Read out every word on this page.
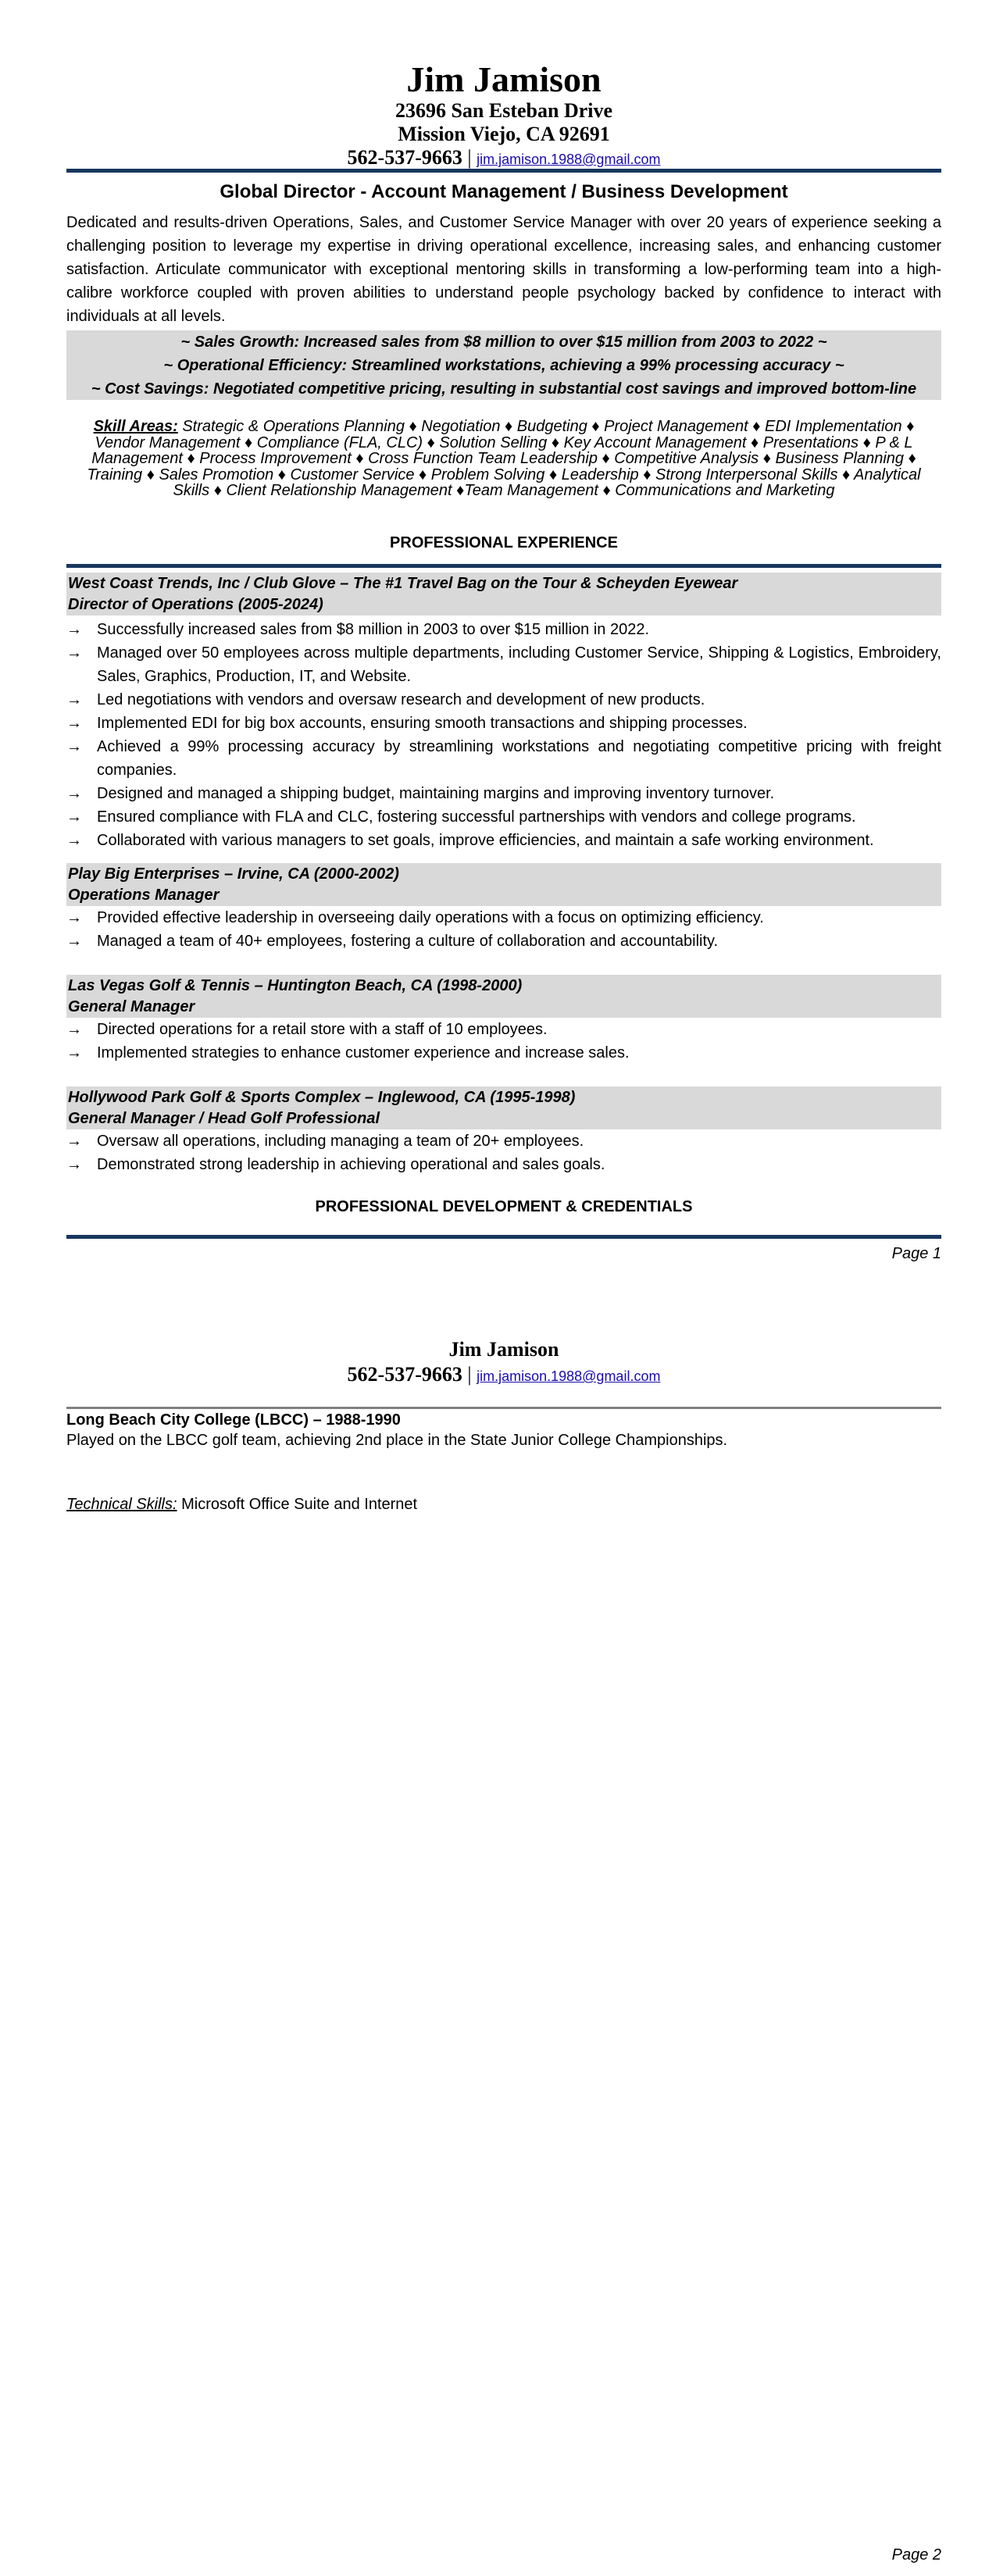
Jim Jamison
23696 San Esteban Drive
Mission Viejo, CA 92691
562-537-9663 | jim.jamison.1988@gmail.com
Global Director - Account Management / Business Development
Dedicated and results-driven Operations, Sales, and Customer Service Manager with over 20 years of experience seeking a challenging position to leverage my expertise in driving operational excellence, increasing sales, and enhancing customer satisfaction. Articulate communicator with exceptional mentoring skills in transforming a low-performing team into a high-calibre workforce coupled with proven abilities to understand people psychology backed by confidence to interact with individuals at all levels.
~ Sales Growth: Increased sales from $8 million to over $15 million from 2003 to 2022 ~
~ Operational Efficiency: Streamlined workstations, achieving a 99% processing accuracy ~
~ Cost Savings: Negotiated competitive pricing, resulting in substantial cost savings and improved bottom-line
Skill Areas: Strategic & Operations Planning ♦ Negotiation ♦ Budgeting ♦ Project Management ♦ EDI Implementation ♦ Vendor Management ♦ Compliance (FLA, CLC) ♦ Solution Selling ♦ Key Account Management ♦ Presentations ♦ P & L Management ♦ Process Improvement ♦ Cross Function Team Leadership ♦ Competitive Analysis ♦ Business Planning ♦ Training ♦ Sales Promotion ♦ Customer Service ♦ Problem Solving ♦ Leadership ♦ Strong Interpersonal Skills ♦ Analytical Skills ♦ Client Relationship Management ♦Team Management ♦ Communications and Marketing
PROFESSIONAL EXPERIENCE
West Coast Trends, Inc / Club Glove – The #1 Travel Bag on the Tour & Scheyden Eyewear
Director of Operations (2005-2024)
→ Successfully increased sales from $8 million in 2003 to over $15 million in 2022.
→ Managed over 50 employees across multiple departments, including Customer Service, Shipping & Logistics, Embroidery, Sales, Graphics, Production, IT, and Website.
→ Led negotiations with vendors and oversaw research and development of new products.
→ Implemented EDI for big box accounts, ensuring smooth transactions and shipping processes.
→ Achieved a 99% processing accuracy by streamlining workstations and negotiating competitive pricing with freight companies.
→ Designed and managed a shipping budget, maintaining margins and improving inventory turnover.
→ Ensured compliance with FLA and CLC, fostering successful partnerships with vendors and college programs.
→ Collaborated with various managers to set goals, improve efficiencies, and maintain a safe working environment.
Play Big Enterprises – Irvine, CA (2000-2002)
Operations Manager
→ Provided effective leadership in overseeing daily operations with a focus on optimizing efficiency.
→ Managed a team of 40+ employees, fostering a culture of collaboration and accountability.
Las Vegas Golf & Tennis – Huntington Beach, CA (1998-2000)
General Manager
→ Directed operations for a retail store with a staff of 10 employees.
→ Implemented strategies to enhance customer experience and increase sales.
Hollywood Park Golf & Sports Complex – Inglewood, CA (1995-1998)
General Manager / Head Golf Professional
→ Oversaw all operations, including managing a team of 20+ employees.
→ Demonstrated strong leadership in achieving operational and sales goals.
PROFESSIONAL DEVELOPMENT & CREDENTIALS
Page 1
Jim Jamison
562-537-9663 | jim.jamison.1988@gmail.com
Long Beach City College (LBCC) – 1988-1990
Played on the LBCC golf team, achieving 2nd place in the State Junior College Championships.
Technical Skills: Microsoft Office Suite and Internet
Page 2
